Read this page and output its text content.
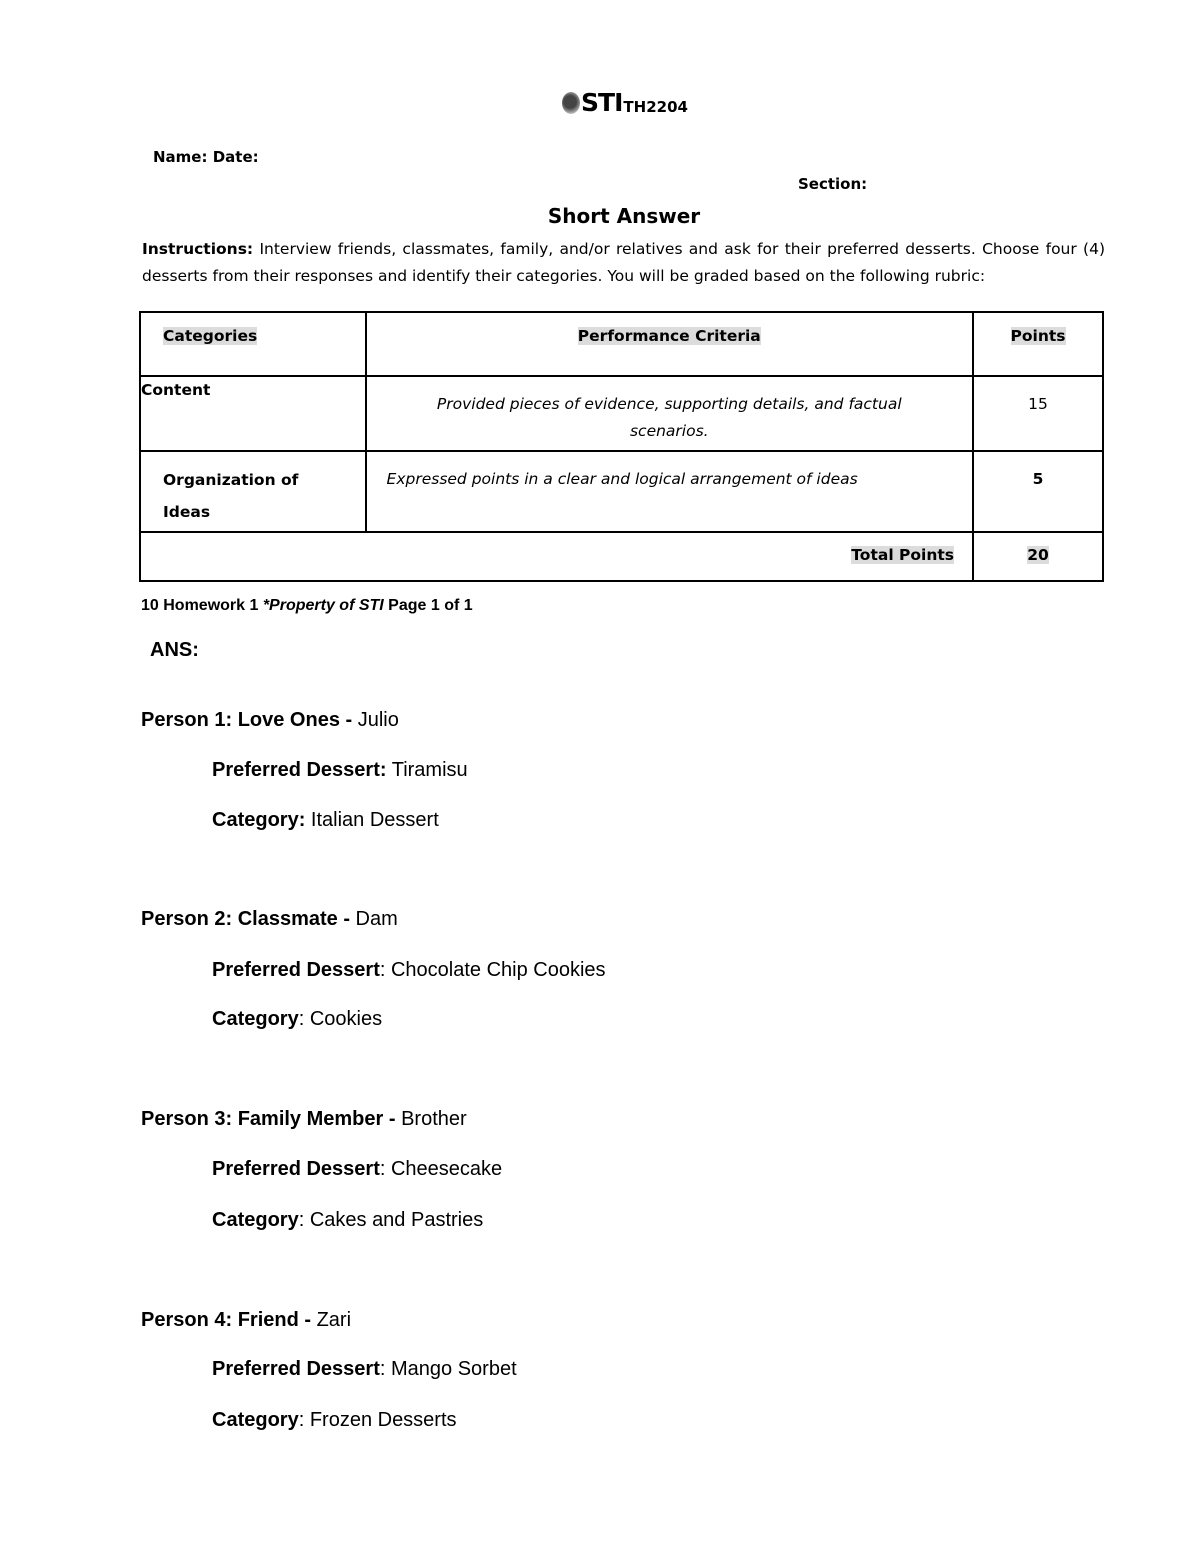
STI TH2204
Name: Date:
Section:
Short Answer
Instructions: Interview friends, classmates, family, and/or relatives and ask for their preferred desserts. Choose four (4) desserts from their responses and identify their categories. You will be graded based on the following rubric:
Categories	Performance Criteria	Points
Content	Provided pieces of evidence, supporting details, and factual scenarios.	15
Organization of Ideas	Expressed points in a clear and logical arrangement of ideas	5
Total Points		20
10 Homework 1 *Property of STI Page 1 of 1
ANS:
Person 1: Love Ones - Julio
Preferred Dessert: Tiramisu
Category: Italian Dessert
Person 2: Classmate - Dam
Preferred Dessert: Chocolate Chip Cookies
Category: Cookies
Person 3: Family Member - Brother
Preferred Dessert: Cheesecake
Category: Cakes and Pastries
Person 4: Friend - Zari
Preferred Dessert: Mango Sorbet
Category: Frozen Desserts
